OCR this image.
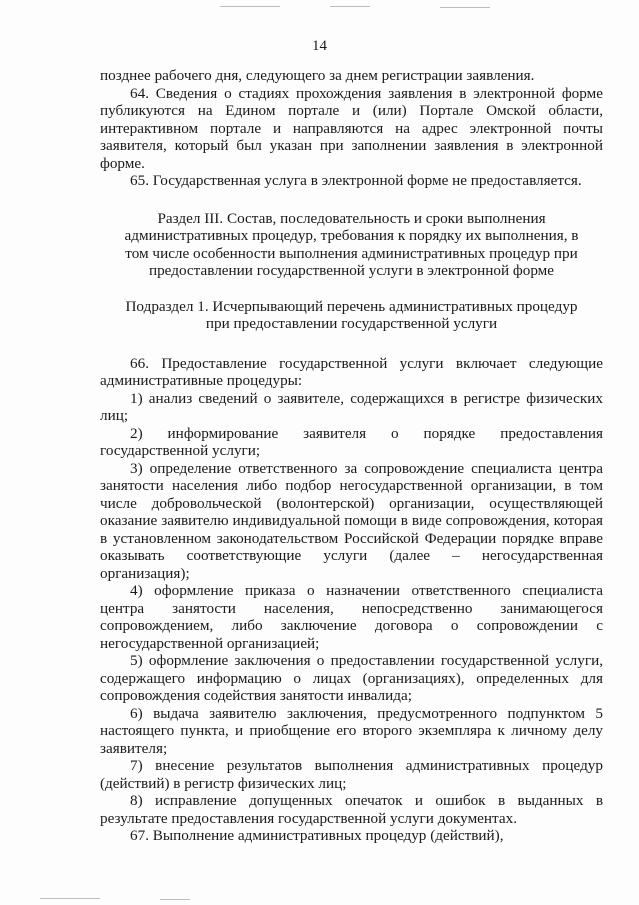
14

позднее рабочего дня, следующего за днем регистрации заявления.

64. Сведения о стадиях прохождения заявления в электронной форме публикуются на Едином портале и (или) Портале Омской области, интерактивном портале и направляются на адрес электронной почты заявителя, который был указан при заполнении заявления в электронной форме.

65. Государственная услуга в электронной форме не предоставляется.

Раздел III. Состав, последовательность и сроки выполнения административных процедур, требования к порядку их выполнения, в том числе особенности выполнения административных процедур при предоставлении государственной услуги в электронной форме

Подраздел 1. Исчерпывающий перечень административных процедур при предоставлении государственной услуги

66. Предоставление государственной услуги включает следующие административные процедуры:

1) анализ сведений о заявителе, содержащихся в регистре физических лиц;

2) информирование заявителя о порядке предоставления государственной услуги;

3) определение ответственного за сопровождение специалиста центра занятости населения либо подбор негосударственной организации, в том числе добровольческой (волонтерской) организации, осуществляющей оказание заявителю индивидуальной помощи в виде сопровождения, которая в установленном законодательством Российской Федерации порядке вправе оказывать соответствующие услуги (далее – негосударственная организация);

4) оформление приказа о назначении ответственного специалиста центра занятости населения, непосредственно занимающегося сопровождением, либо заключение договора о сопровождении с негосударственной организацией;

5) оформление заключения о предоставлении государственной услуги, содержащего информацию о лицах (организациях), определенных для сопровождения содействия занятости инвалида;

6) выдача заявителю заключения, предусмотренного подпунктом 5 настоящего пункта, и приобщение его второго экземпляра к личному делу заявителя;

7) внесение результатов выполнения административных процедур (действий) в регистр физических лиц;

8) исправление допущенных опечаток и ошибок в выданных в результате предоставления государственной услуги документах.

67. Выполнение административных процедур (действий),
